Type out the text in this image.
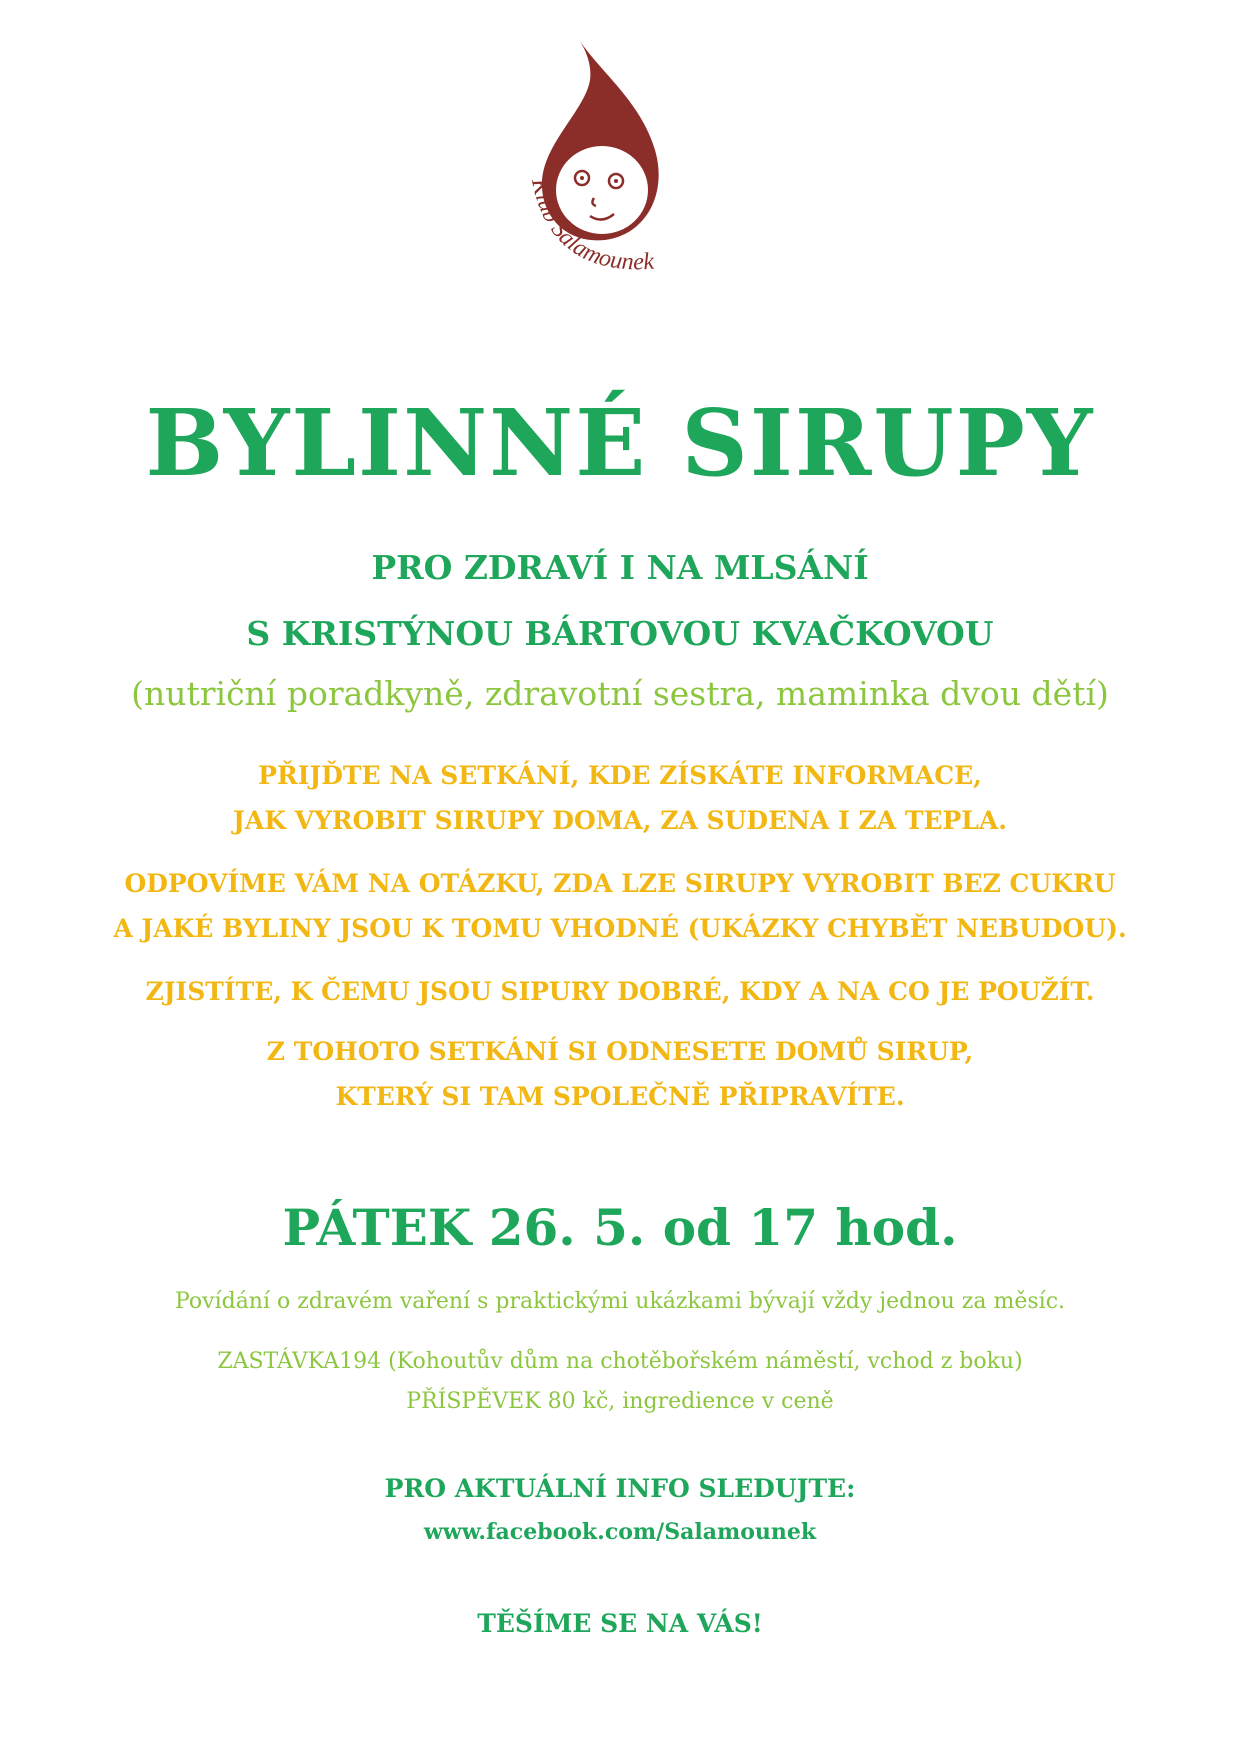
Klub Šalamounek
BYLINNÉ SIRUPY

PRO ZDRAVÍ I NA MLSÁNÍ

S KRISTÝNOU BÁRTOVOU KVAČKOVOU

(nutriční poradkyně, zdravotní sestra, maminka dvou dětí)

PŘIJĎTE NA SETKÁNÍ, KDE ZÍSKÁTE INFORMACE,

JAK VYROBIT SIRUPY DOMA, ZA SUDENA I ZA TEPLA.

ODPOVÍME VÁM NA OTÁZKU, ZDA LZE SIRUPY VYROBIT BEZ CUKRU

A JAKÉ BYLINY JSOU K TOMU VHODNÉ (UKÁZKY CHYBĚT NEBUDOU).

ZJISTÍTE, K ČEMU JSOU SIPURY DOBRÉ, KDY A NA CO JE POUŽÍT.

Z TOHOTO SETKÁNÍ SI ODNESETE DOMŮ SIRUP,

KTERÝ SI TAM SPOLEČNĚ PŘIPRAVÍTE.

PÁTEK 26. 5. od 17 hod.

Povídání o zdravém vaření s praktickými ukázkami bývají vždy jednou za měsíc.

ZASTÁVKA194 (Kohoutův dům na chotěbořském náměstí, vchod z boku)

PŘÍSPĚVEK 80 kč, ingredience v ceně

PRO AKTUÁLNÍ INFO SLEDUJTE:

www.facebook.com/Salamounek

TĚŠÍME SE NA VÁS!
